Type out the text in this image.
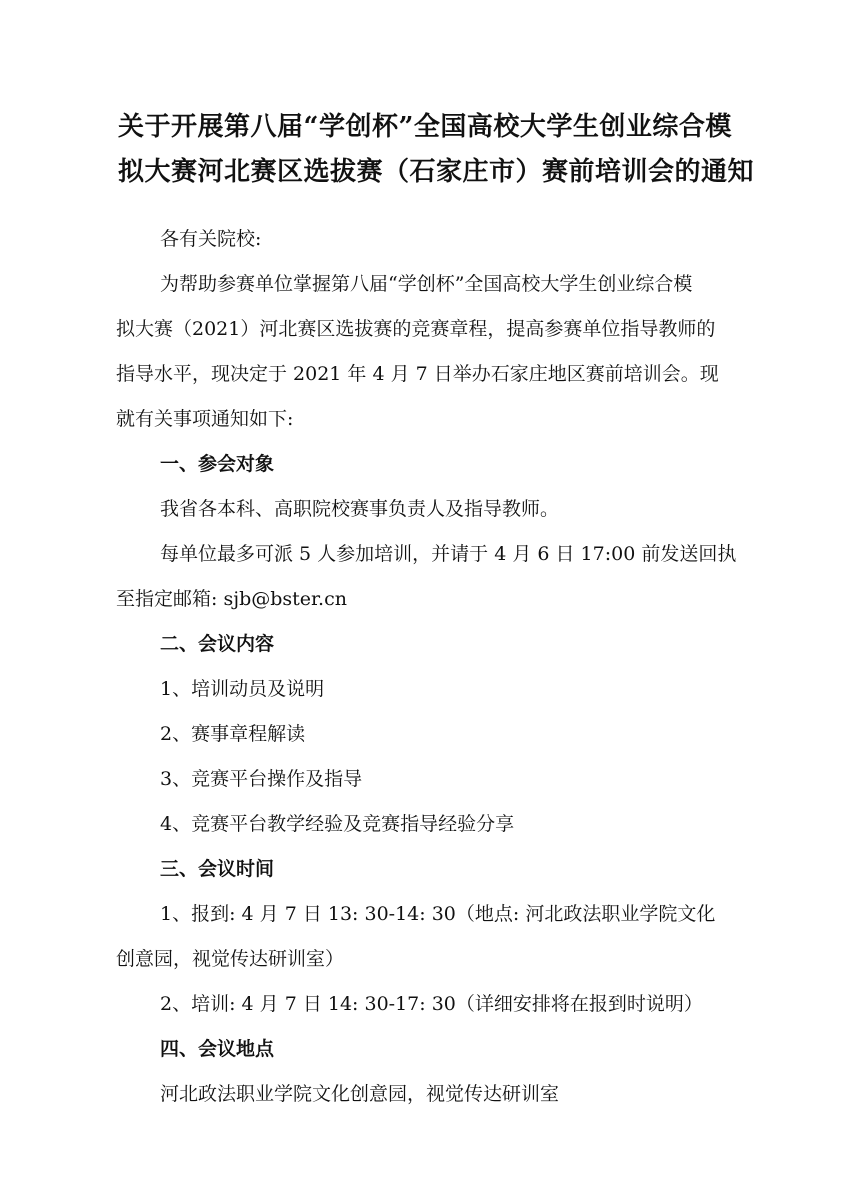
关于开展第八届“学创杯”全国高校大学生创业综合模
拟大赛河北赛区选拔赛（石家庄市）赛前培训会的通知
各有关院校:
为帮助参赛单位掌握第八届“学创杯”全国高校大学生创业综合模
拟大赛（2021）河北赛区选拔赛的竞赛章程，提高参赛单位指导教师的
指导水平，现决定于 2021 年 4 月 7 日举办石家庄地区赛前培训会。现
就有关事项通知如下:
一、参会对象
我省各本科、高职院校赛事负责人及指导教师。
每单位最多可派 5 人参加培训，并请于 4 月 6 日 17:00 前发送回执
至指定邮箱: sjb@bster.cn
二、会议内容
1、培训动员及说明
2、赛事章程解读
3、竞赛平台操作及指导
4、竞赛平台教学经验及竞赛指导经验分享
三、会议时间
1、报到: 4 月 7 日 13: 30-14: 30（地点: 河北政法职业学院文化
创意园，视觉传达研训室）
2、培训: 4 月 7 日 14: 30-17: 30（详细安排将在报到时说明）
四、会议地点
河北政法职业学院文化创意园，视觉传达研训室
